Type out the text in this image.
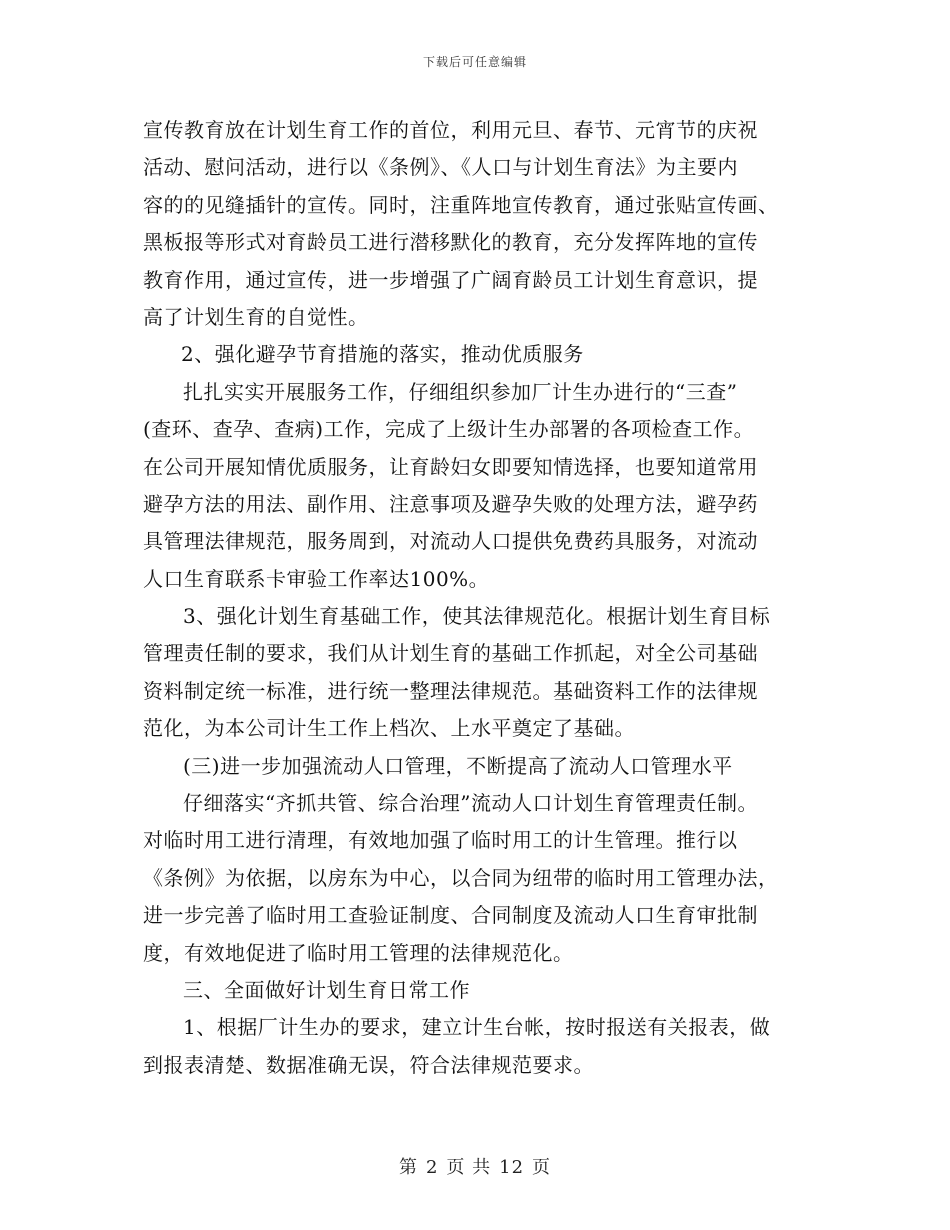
下载后可任意编辑
宣传教育放在计划生育工作的首位，利用元旦、春节、元宵节的庆祝
活动、慰问活动，进行以《条例》、《人口与计划生育法》为主要内
容的的见缝插针的宣传。同时，注重阵地宣传教育，通过张贴宣传画、
黑板报等形式对育龄员工进行潜移默化的教育，充分发挥阵地的宣传
教育作用，通过宣传，进一步增强了广阔育龄员工计划生育意识，提
高了计划生育的自觉性。
2、强化避孕节育措施的落实，推动优质服务
扎扎实实开展服务工作，仔细组织参加厂计生办进行的“三查”
(查环、查孕、查病)工作，完成了上级计生办部署的各项检查工作。
在公司开展知情优质服务，让育龄妇女即要知情选择，也要知道常用
避孕方法的用法、副作用、注意事项及避孕失败的处理方法，避孕药
具管理法律规范，服务周到，对流动人口提供免费药具服务，对流动
人口生育联系卡审验工作率达100%。
3、强化计划生育基础工作，使其法律规范化。根据计划生育目标
管理责任制的要求，我们从计划生育的基础工作抓起，对全公司基础
资料制定统一标准，进行统一整理法律规范。基础资料工作的法律规
范化，为本公司计生工作上档次、上水平奠定了基础。
(三)进一步加强流动人口管理，不断提高了流动人口管理水平
仔细落实“齐抓共管、综合治理”流动人口计划生育管理责任制。
对临时用工进行清理，有效地加强了临时用工的计生管理。推行以
《条例》为依据，以房东为中心，以合同为纽带的临时用工管理办法，
进一步完善了临时用工查验证制度、合同制度及流动人口生育审批制
度，有效地促进了临时用工管理的法律规范化。
三、全面做好计划生育日常工作
1、根据厂计生办的要求，建立计生台帐，按时报送有关报表，做
到报表清楚、数据准确无误，符合法律规范要求。
第 2 页 共 12 页
